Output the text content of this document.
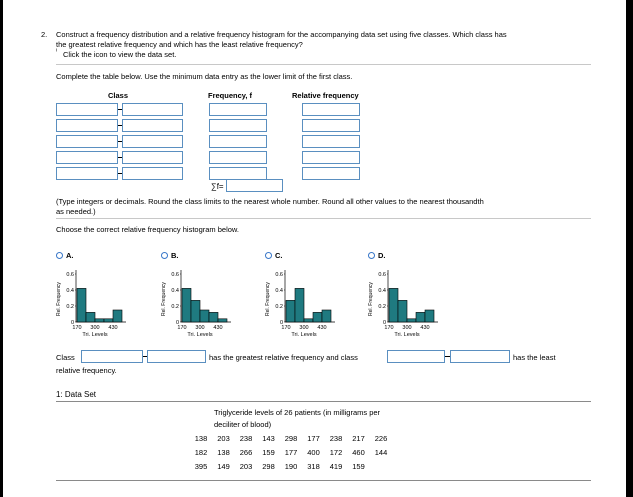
2. Construct a frequency distribution and a relative frequency histogram for the accompanying data set using five classes. Which class has
the greatest relative frequency and which has the least relative frequency?
ⁱ Click the icon to view the data set.
Complete the table below. Use the minimum data entry as the lower limit of the first class.
Class	Frequency, f	Relative frequency
∑f=
(Type integers or decimals. Round the class limits to the nearest whole number. Round all other values to the nearest thousandth
as needed.)
Choose the correct relative frequency histogram below.
A.	B.	C.	D.
Rel. Frequency
0.6
0.4
0.2
0
170 300 430
Tri. Levels
Rel. Frequency
0.6
0.4
0.2
0
170 300 430
Tri. Levels
Rel. Frequency
0.6
0.4
0.2
0
170 300 430
Tri. Levels
Rel. Frequency
0.6
0.4
0.2
0
170 300 430
Tri. Levels
Class	has the greatest relative frequency and class	has the least
relative frequency.
1: Data Set
Triglyceride levels of 26 patients (in milligrams per
deciliter of blood)
138	203	238	143	298	177	238	217	226
182	138	266	159	177	400	172	460	144
395	149	203	298	190	318	419	159
